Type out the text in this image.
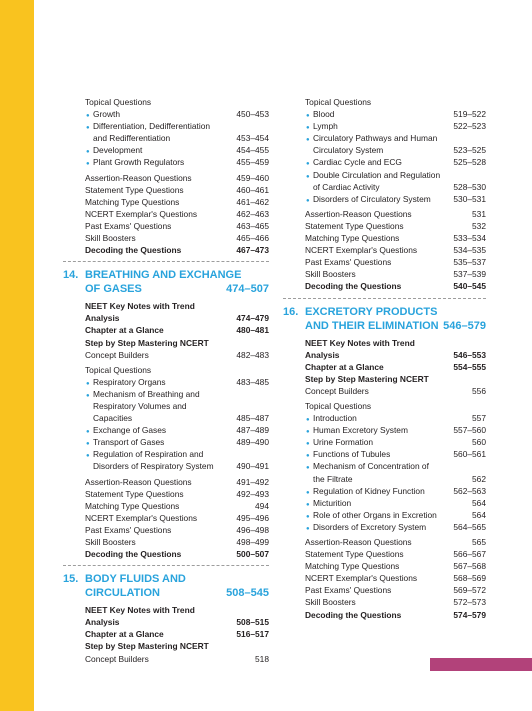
Topical Questions
● Growth	450–453
● Differentiation, Dedifferentiation and Redifferentiation	453–454
● Development	454–455
● Plant Growth Regulators	455–459
Assertion-Reason Questions	459–460
Statement Type Questions	460–461
Matching Type Questions	461–462
NCERT Exemplar's Questions	462–463
Past Exams' Questions	463–465
Skill Boosters	465–466
Decoding the Questions	467–473
14. BREATHING AND EXCHANGE
OF GASES	474–507
NEET Key Notes with Trend Analysis	474–479
Chapter at a Glance	480–481
Step by Step Mastering NCERT
Concept Builders	482–483
Topical Questions
● Respiratory Organs	483–485
● Mechanism of Breathing and Respiratory Volumes and Capacities	485–487
● Exchange of Gases	487–489
● Transport of Gases	489–490
● Regulation of Respiration and Disorders of Respiratory System	490–491
Assertion-Reason Questions	491–492
Statement Type Questions	492–493
Matching Type Questions	494
NCERT Exemplar's Questions	495–496
Past Exams' Questions	496–498
Skill Boosters	498–499
Decoding the Questions	500–507
15. BODY FLUIDS AND
CIRCULATION	508–545
NEET Key Notes with Trend Analysis	508–515
Chapter at a Glance	516–517
Step by Step Mastering NCERT
Concept Builders	518
Topical Questions
● Blood	519–522
● Lymph	522–523
● Circulatory Pathways and Human Circulatory System	523–525
● Cardiac Cycle and ECG	525–528
● Double Circulation and Regulation of Cardiac Activity	528–530
● Disorders of Circulatory System	530–531
Assertion-Reason Questions	531
Statement Type Questions	532
Matching Type Questions	533–534
NCERT Exemplar's Questions	534–535
Past Exams' Questions	535–537
Skill Boosters	537–539
Decoding the Questions	540–545
16. EXCRETORY PRODUCTS
AND THEIR ELIMINATION 546–579
NEET Key Notes with Trend Analysis	546–553
Chapter at a Glance	554–555
Step by Step Mastering NCERT
Concept Builders	556
Topical Questions
● Introduction	557
● Human Excretory System	557–560
● Urine Formation	560
● Functions of Tubules	560–561
● Mechanism of Concentration of the Filtrate	562
● Regulation of Kidney Function	562–563
● Micturition	564
● Role of other Organs in Excretion	564
● Disorders of Excretory System	564–565
Assertion-Reason Questions	565
Statement Type Questions	566–567
Matching Type Questions	567–568
NCERT Exemplar's Questions	568–569
Past Exams' Questions	569–572
Skill Boosters	572–573
Decoding the Questions	574–579
